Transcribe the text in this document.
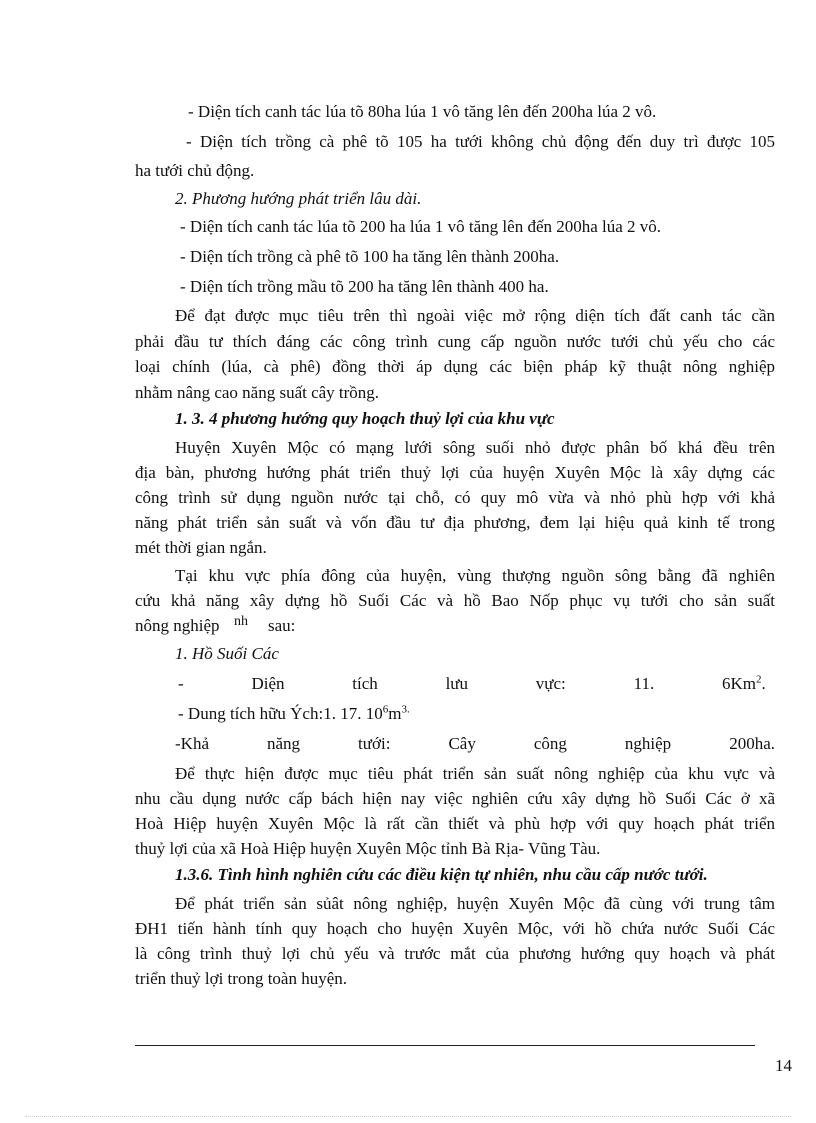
- Diện tích canh tác lúa tõ 80ha lúa 1 vô tăng lên đến 200ha lúa 2 vô.
- Diện tích trồng cà phê tõ 105 ha tưới không chủ động đến duy trì được 105
ha tưới chủ động.
2. Phương hướng phát triển lâu dài.
- Diện tích canh tác lúa tõ 200 ha lúa 1 vô tăng lên đến 200ha lúa 2 vô.
- Diện tích trồng cà phê tõ 100 ha tăng lên thành 200ha.
- Diện tích trồng mầu tõ 200 ha tăng lên thành 400 ha.
Để đạt được mục tiêu trên thì ngoài việc mở rộng diện tích đất canh tác cần
phải đầu tư thích đáng các công trình cung cấp nguồn nước tưới chủ yếu cho các
loại chính (lúa, cà phê) đồng thời áp dụng các biện pháp kỹ thuật nông nghiệp
nhằm nâng cao năng suất cây trồng.
1. 3. 4 phương hướng quy hoạch thuỷ lợi của khu vực
Huyện Xuyên Mộc có mạng lưới sông suối nhỏ được phân bố khá đều trên
địa bàn, phương hướng phát triển thuỷ lợi của huyện Xuyên Mộc là xây dựng các
công trình sử dụng nguồn nước tại chỗ, có quy mô vừa và nhỏ phù hợp với khả
năng phát triển sản suất và vốn đầu tư địa phương, đem lại hiệu quả kinh tế trong
mét thời gian ngắn.
Tại khu vực phía đông của huyện, vùng thượng nguồn sông bằng đã nghiên
cứu khả năng xây dựng hồ Suối Các và hồ Bao Nốp phục vụ tưới cho sản suất
nông nghiệp nh sau:
1. Hồ Suối Các
- Diện tích lưu vực: 11. 6Km$^2$.
- Dung tích hữu Ých:1. 17. $10^6m^{3.}$
-Khả năng tưới: Cây công nghiệp 200ha.
Để thực hiện được mục tiêu phát triển sản suất nông nghiệp của khu vực và
nhu cầu dụng nước cấp bách hiện nay việc nghiên cứu xây dựng hồ Suối Các ở xã
Hoà Hiệp huyện Xuyên Mộc là rất cần thiết và phù hợp với quy hoạch phát triển
thuỷ lợi của xã Hoà Hiệp huyện Xuyên Mộc tỉnh Bà Rịa- Vũng Tàu.
1.3.6. Tình hình nghiên cứu các điều kiện tự nhiên, nhu cầu cấp nước tưới.
Để phát triển sản sủât nông nghiệp, huyện Xuyên Mộc đã cùng với trung tâm
ĐH1 tiến hành tính quy hoạch cho huyện Xuyên Mộc, với hồ chứa nước Suối Các
là công trình thuỷ lợi chủ yếu và trước mắt của phương hướng quy hoạch và phát
triển thuỷ lợi trong toàn huyện.
14
